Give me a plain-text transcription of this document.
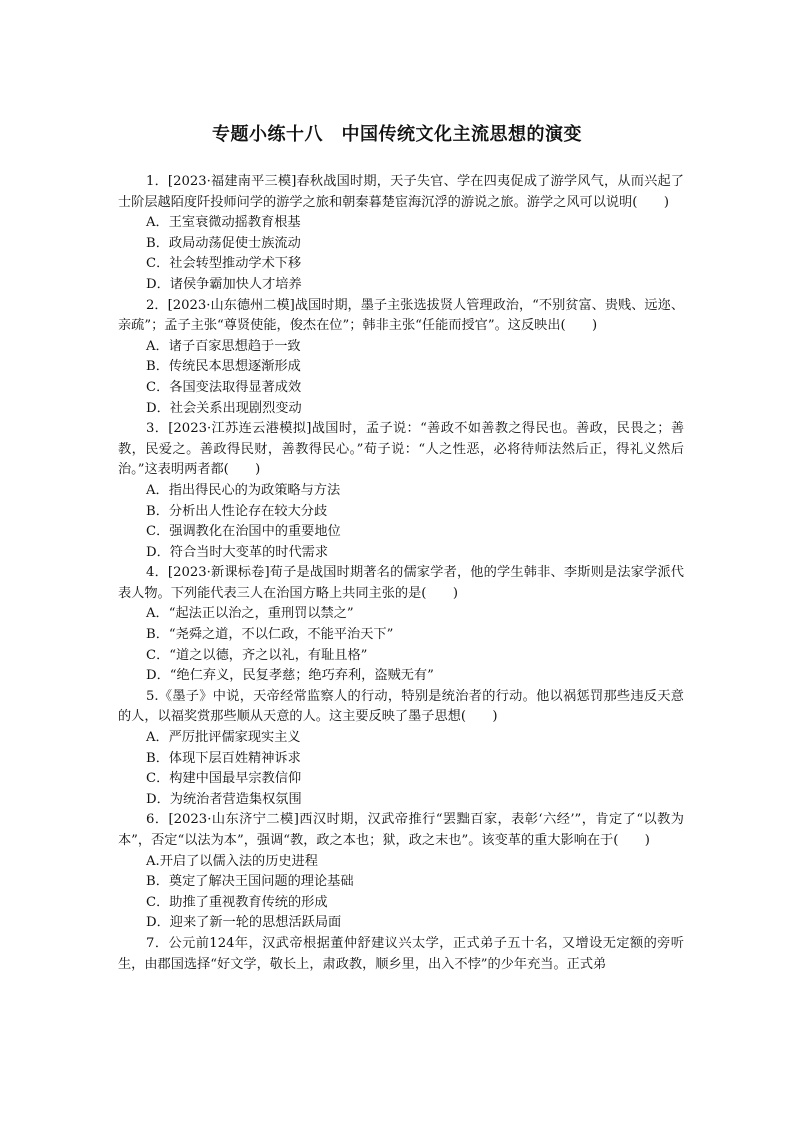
专题小练十八　中国传统文化主流思想的演变

1．[2023·福建南平三模]春秋战国时期，天子失官、学在四夷促成了游学风气，从而兴起了士阶层越陌度阡投师问学的游学之旅和朝秦暮楚宦海沉浮的游说之旅。游学之风可以说明(　　)

A．王室衰微动摇教育根基

B．政局动荡促使士族流动

C．社会转型推动学术下移

D．诸侯争霸加快人才培养

2．[2023·山东德州二模]战国时期，墨子主张选拔贤人管理政治，“不别贫富、贵贱、远迩、亲疏”；孟子主张“尊贤使能，俊杰在位”；韩非主张“任能而授官”。这反映出(　　)

A．诸子百家思想趋于一致

B．传统民本思想逐渐形成

C．各国变法取得显著成效

D．社会关系出现剧烈变动

3．[2023·江苏连云港模拟]战国时，孟子说：“善政不如善教之得民也。善政，民畏之；善教，民爱之。善政得民财，善教得民心。”荀子说：“人之性恶，必将待师法然后正，得礼义然后治。”这表明两者都(　　)

A．指出得民心的为政策略与方法

B．分析出人性论存在较大分歧

C．强调教化在治国中的重要地位

D．符合当时大变革的时代需求

4．[2023·新课标卷]荀子是战国时期著名的儒家学者，他的学生韩非、李斯则是法家学派代表人物。下列能代表三人在治国方略上共同主张的是(　　)

A．“起法正以治之，重刑罚以禁之”

B．“尧舜之道，不以仁政，不能平治天下”

C．“道之以德，齐之以礼，有耻且格”

D．“绝仁弃义，民复孝慈；绝巧弃利，盗贼无有”

5.《墨子》中说，天帝经常监察人的行动，特别是统治者的行动。他以祸惩罚那些违反天意的人，以福奖赏那些顺从天意的人。这主要反映了墨子思想(　　)

A．严厉批评儒家现实主义

B．体现下层百姓精神诉求

C．构建中国最早宗教信仰

D．为统治者营造集权氛围

6．[2023·山东济宁二模]西汉时期，汉武帝推行“罢黜百家，表彰‘六经’”，肯定了“以教为本”，否定“以法为本”，强调“教，政之本也；狱，政之末也”。该变革的重大影响在于(　　)

A.开启了以儒入法的历史进程

B．奠定了解决王国问题的理论基础

C．助推了重视教育传统的形成

D．迎来了新一轮的思想活跃局面

7．公元前124年，汉武帝根据董仲舒建议兴太学，正式弟子五十名，又增设无定额的旁听生，由郡国选择“好文学，敬长上，肃政教，顺乡里，出入不悖”的少年充当。正式弟
